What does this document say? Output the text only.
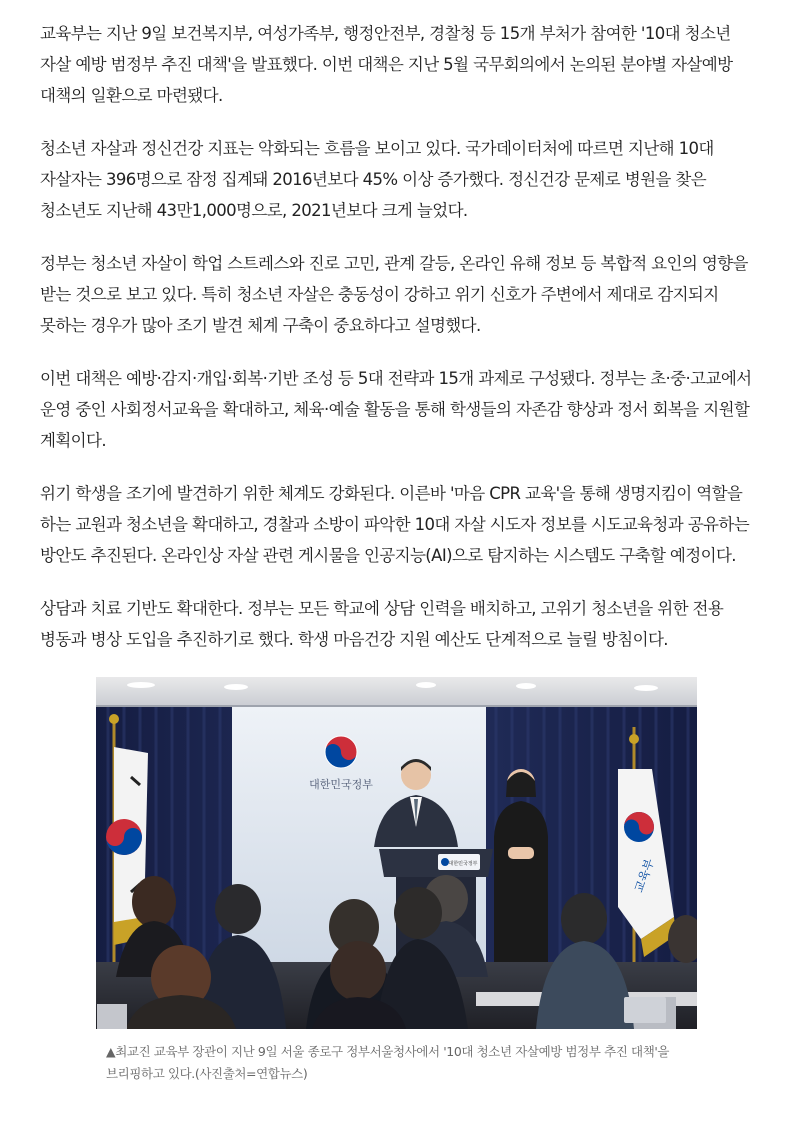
교육부는 지난 9일 보건복지부, 여성가족부, 행정안전부, 경찰청 등 15개 부처가 참여한 '10대 청소년 자살 예방 범정부 추진 대책'을 발표했다. 이번 대책은 지난 5월 국무회의에서 논의된 분야별 자살예방 대책의 일환으로 마련됐다.

청소년 자살과 정신건강 지표는 악화되는 흐름을 보이고 있다. 국가데이터처에 따르면 지난해 10대 자살자는 396명으로 잠정 집계돼 2016년보다 45% 이상 증가했다. 정신건강 문제로 병원을 찾은 청소년도 지난해 43만1,000명으로, 2021년보다 크게 늘었다.

정부는 청소년 자살이 학업 스트레스와 진로 고민, 관계 갈등, 온라인 유해 정보 등 복합적 요인의 영향을 받는 것으로 보고 있다. 특히 청소년 자살은 충동성이 강하고 위기 신호가 주변에서 제대로 감지되지 못하는 경우가 많아 조기 발견 체계 구축이 중요하다고 설명했다.

이번 대책은 예방·감지·개입·회복·기반 조성 등 5대 전략과 15개 과제로 구성됐다. 정부는 초·중·고교에서 운영 중인 사회정서교육을 확대하고, 체육·예술 활동을 통해 학생들의 자존감 향상과 정서 회복을 지원할 계획이다.

위기 학생을 조기에 발견하기 위한 체계도 강화된다. 이른바 '마음 CPR 교육'을 통해 생명지킴이 역할을 하는 교원과 청소년을 확대하고, 경찰과 소방이 파악한 10대 자살 시도자 정보를 시도교육청과 공유하는 방안도 추진된다. 온라인상 자살 관련 게시물을 인공지능(AI)으로 탐지하는 시스템도 구축할 예정이다.

상담과 치료 기반도 확대한다. 정부는 모든 학교에 상담 인력을 배치하고, 고위기 청소년을 위한 전용 병동과 병상 도입을 추진하기로 했다. 학생 마음건강 지원 예산도 단계적으로 늘릴 방침이다.

대한민국정부
교육부
대한민국정부
▲최교진 교육부 장관이 지난 9일 서울 종로구 정부서울청사에서 '10대 청소년 자살예방 범정부 추진 대책'을 브리핑하고 있다.(사진출처=연합뉴스)
